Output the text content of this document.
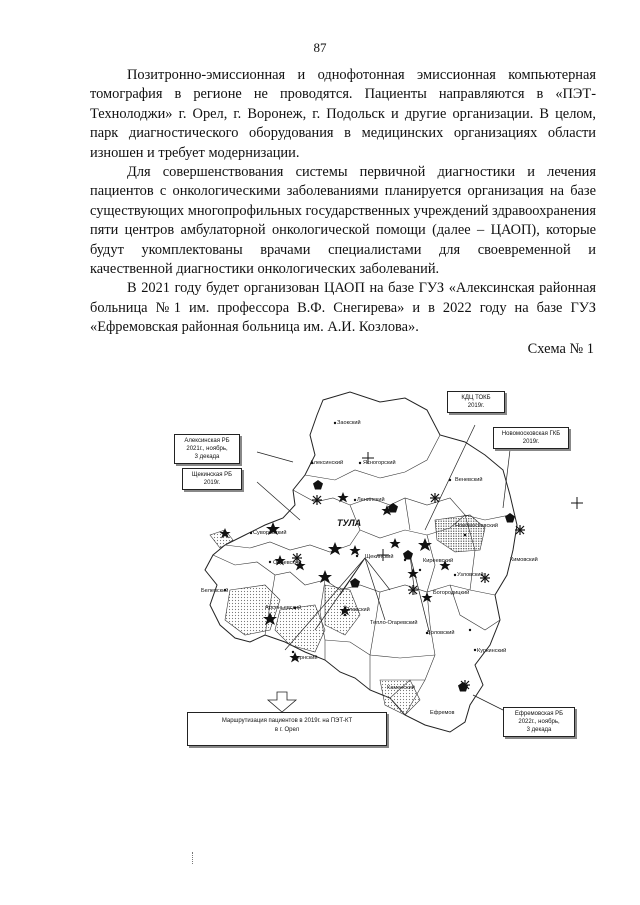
87

Позитронно-эмиссионная и однофотонная эмиссионная компьютерная томография в регионе не проводятся. Пациенты направляются в «ПЭТ-Технолоджи» г. Орел, г. Воронеж, г. Подольск и другие организации. В целом, парк диагностического оборудования в медицинских организациях области изношен и требует модернизации.

Для совершенствования системы первичной диагностики и лечения пациентов с онкологическими заболеваниями планируется организация на базе существующих многопрофильных государственных учреждений здравоохранения пяти центров амбулаторной онкологической помощи (далее – ЦАОП), которые будут укомплектованы врачами специалистами для своевременной и качественной диагностики онкологических заболеваний.

В 2021 году будет организован ЦАОП на базе ГУЗ «Алексинская районная больница №1 им. профессора В.Ф. Снегирева» и в 2022 году на базе ГУЗ «Ефремовская районная больница им. А.И. Козлова».

Схема № 1
КДЦ ТОКБ
2019г.
Новомосковская ГКБ
2019г.
Алексинская РБ
2021г., ноябрь,
3 декада
Щекинская РБ
2019г.
Ефремовская РБ
2022г., ноябрь,
3 декада
ТУЛА
Заокский
Алексинский	Ясногорский
Ленинский
Веневский
Суворовский
Новомосковский
Одоевский
Щекинский
Киреевский
Узловский
Кимовский
Белевский
Арсеньевский	Плавский
Богородицкий
Тепло-Огаревский
Воловский
Куркинский
Чернский
Каменский
Ефремов
Маршрутизация пациентов в 2019г. на ПЭТ-КТ
в г. Орел
